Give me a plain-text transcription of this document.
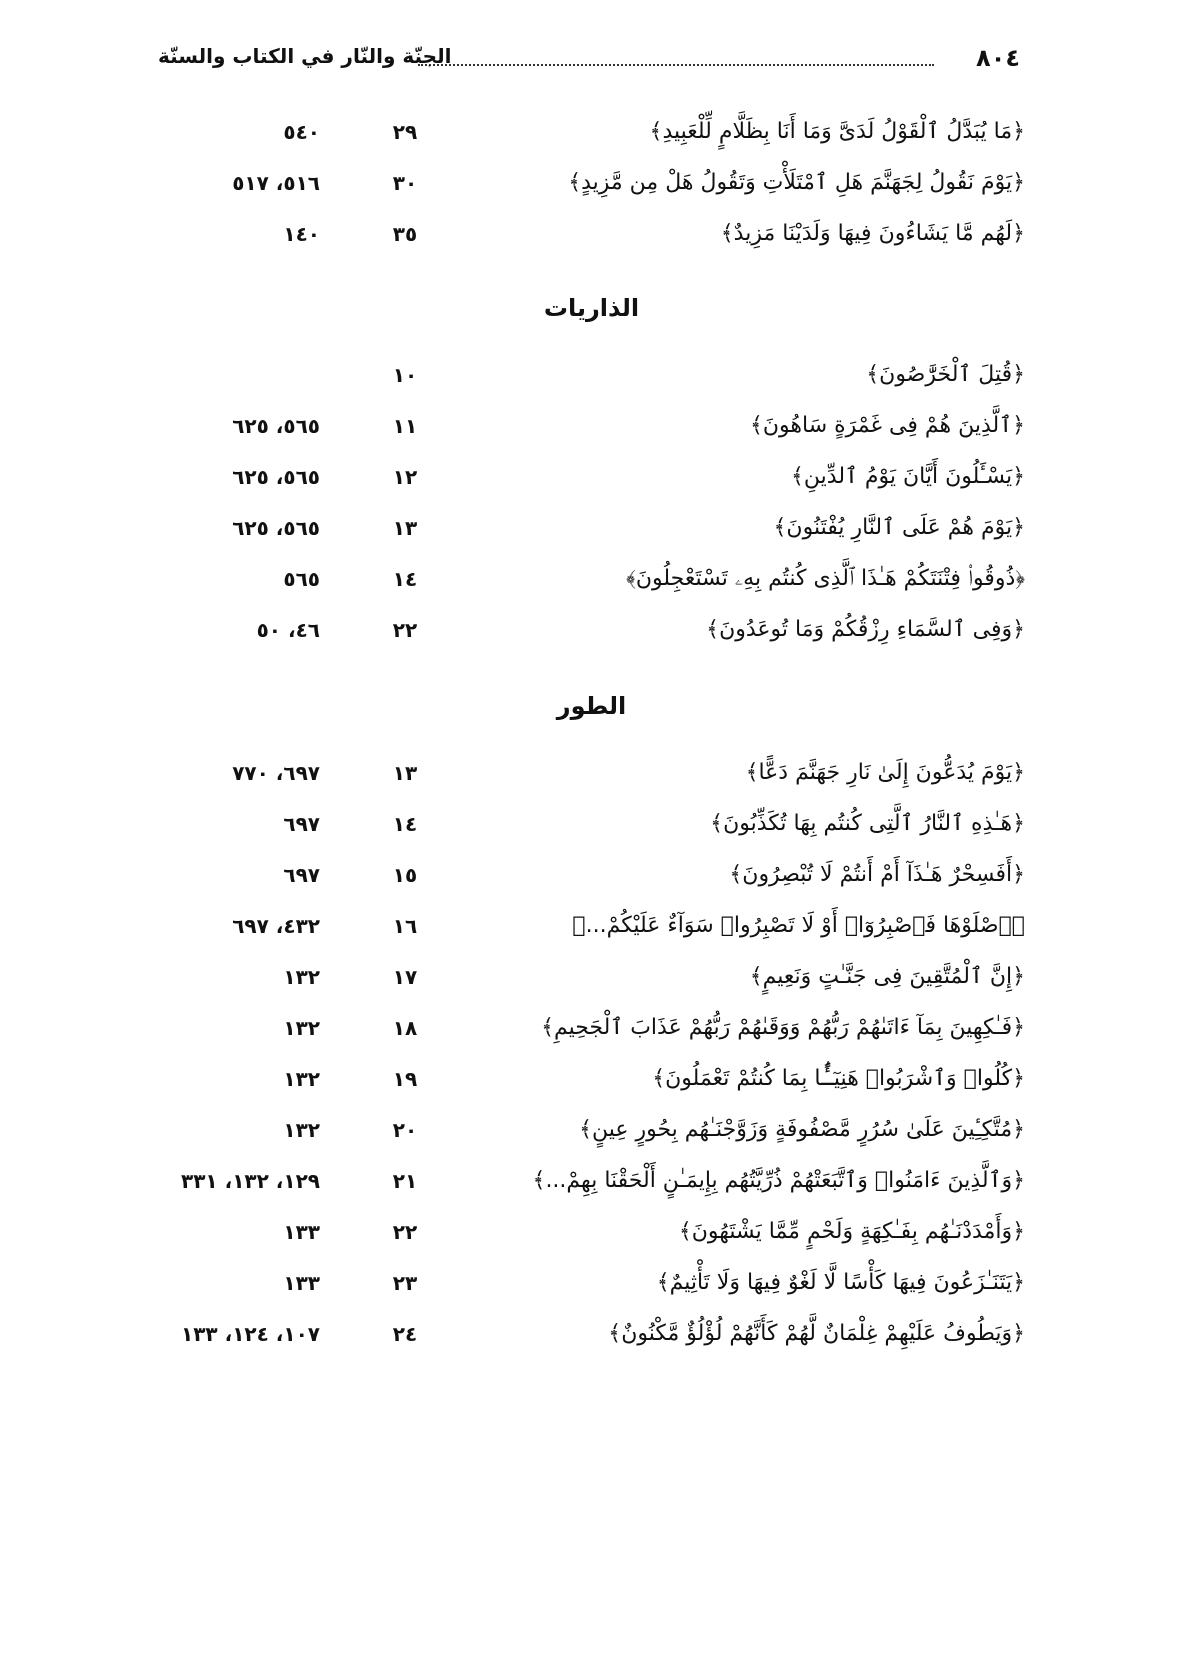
٨٠٤
الجنّة والنّار في الكتاب والسنّة
﴿مَا يُبَدَّلُ ٱلْقَوْلُ لَدَىَّ وَمَا أَنَا بِظَلَّامٍ لِّلْعَبِيدِ﴾
٢٩
٥٤٠
﴿يَوْمَ نَقُولُ لِجَهَنَّمَ هَلِ ٱمْتَلَأْتِ وَتَقُولُ هَلْ مِن مَّزِيدٍ﴾
٣٠
٥١٦، ٥١٧
﴿لَهُم مَّا يَشَاءُونَ فِيهَا وَلَدَيْنَا مَزِيدٌ﴾
٣٥
١٤٠
الذاريات
﴿قُتِلَ ٱلْخَرَّٰصُونَ﴾
١٠
﴿ٱلَّذِينَ هُمْ فِى غَمْرَةٍ سَاهُونَ﴾
١١
٥٦٥، ٦٢٥
﴿يَسْـَٔلُونَ أَيَّانَ يَوْمُ ٱلدِّينِ﴾
١٢
٥٦٥، ٦٢٥
﴿يَوْمَ هُمْ عَلَى ٱلنَّارِ يُفْتَنُونَ﴾
١٣
٥٦٥، ٦٢٥
﴿ذُوقُوا۟ فِتْنَتَكُمْ هَـٰذَا ٱلَّذِى كُنتُم بِهِۦ تَسْتَعْجِلُونَ﴾
١٤
٥٦٥
﴿وَفِى ٱلسَّمَاءِ رِزْقُكُمْ وَمَا تُوعَدُونَ﴾
٢٢
٤٦، ٥٠
الطور
﴿يَوْمَ يُدَعُّونَ إِلَىٰ نَارِ جَهَنَّمَ دَعًّا﴾
١٣
٦٩٧، ٧٧٠
﴿هَـٰذِهِ ٱلنَّارُ ٱلَّتِى كُنتُم بِهَا تُكَذِّبُونَ﴾
١٤
٦٩٧
﴿أَفَسِحْرٌ هَـٰذَآ أَمْ أَنتُمْ لَا تُبْصِرُونَ﴾
١٥
٦٩٧
﴿ٱصْلَوْهَا فَٱصْبِرُوٓا۟ أَوْ لَا تَصْبِرُوا۟ سَوَآءٌ عَلَيْكُمْ...﴾
١٦
٤٣٢، ٦٩٧
﴿إِنَّ ٱلْمُتَّقِينَ فِى جَنَّـٰتٍ وَنَعِيمٍ﴾
١٧
١٣٢
﴿فَـٰكِهِينَ بِمَآ ءَاتَىٰهُمْ رَبُّهُمْ وَوَقَىٰهُمْ رَبُّهُمْ عَذَابَ ٱلْجَحِيمِ﴾
١٨
١٣٢
﴿كُلُوا۟ وَٱشْرَبُوا۟ هَنِيٓـًٔۢا بِمَا كُنتُمْ تَعْمَلُونَ﴾
١٩
١٣٢
﴿مُتَّكِـِٔينَ عَلَىٰ سُرُرٍ مَّصْفُوفَةٍ وَزَوَّجْنَـٰهُم بِحُورٍ عِينٍ﴾
٢٠
١٣٢
﴿وَٱلَّذِينَ ءَامَنُوا۟ وَٱتَّبَعَتْهُمْ ذُرِّيَّتُهُم بِإِيمَـٰنٍ أَلْحَقْنَا بِهِمْ...﴾
٢١
١٢٩، ١٣٢، ٣٣١
﴿وَأَمْدَدْنَـٰهُم بِفَـٰكِهَةٍ وَلَحْمٍ مِّمَّا يَشْتَهُونَ﴾
٢٢
١٣٣
﴿يَتَنَـٰزَعُونَ فِيهَا كَأْسًا لَّا لَغْوٌ فِيهَا وَلَا تَأْثِيمٌ﴾
٢٣
١٣٣
﴿وَيَطُوفُ عَلَيْهِمْ غِلْمَانٌ لَّهُمْ كَأَنَّهُمْ لُؤْلُؤٌ مَّكْنُونٌ﴾
٢٤
١٠٧، ١٢٤، ١٣٣
